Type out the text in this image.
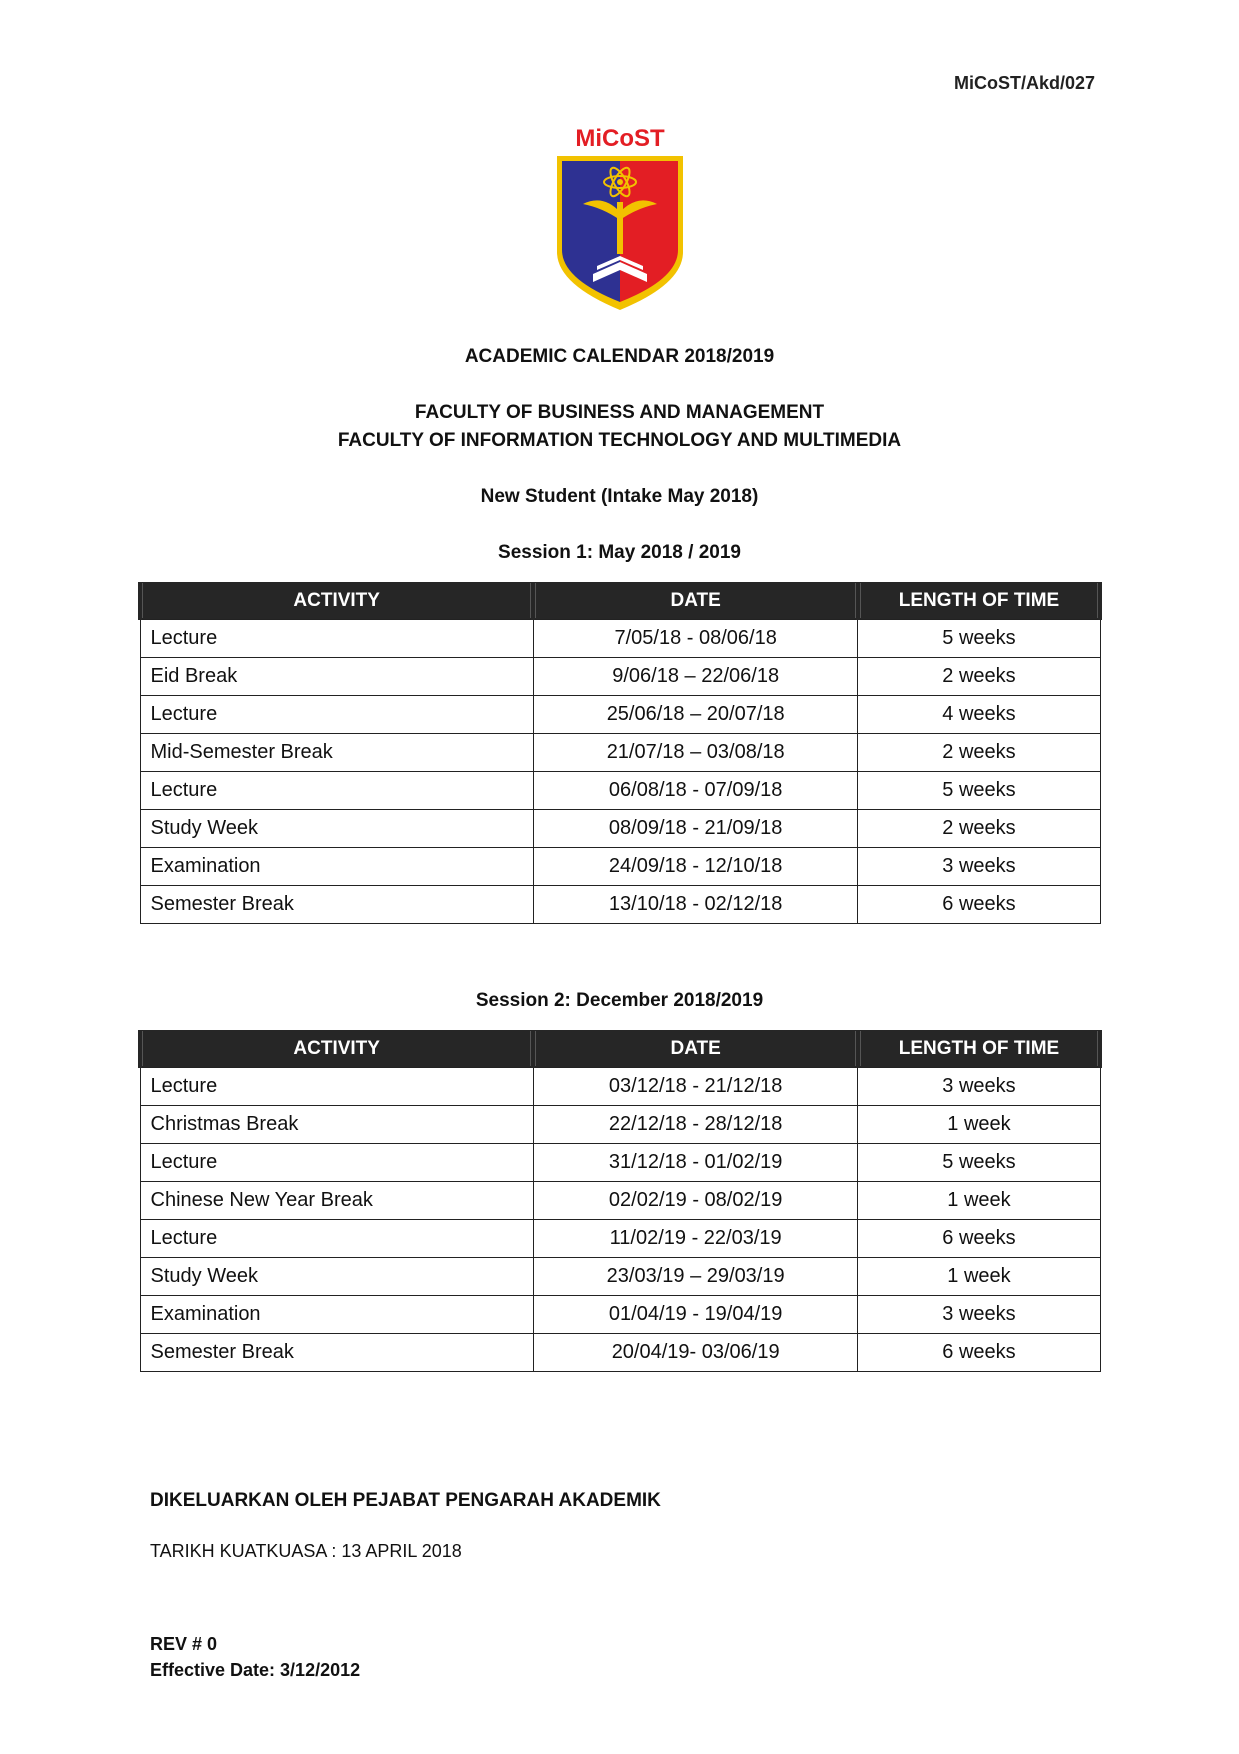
MiCoST/Akd/027
MiCoST
ACADEMIC CALENDAR 2018/2019
FACULTY OF BUSINESS AND MANAGEMENT
FACULTY OF INFORMATION TECHNOLOGY AND MULTIMEDIA
New Student (Intake May 2018)
Session 1: May 2018 / 2019
ACTIVITY	DATE	LENGTH OF TIME

Lecture	7/05/18 - 08/06/18	5 weeks
Eid Break	9/06/18 – 22/06/18	2 weeks
Lecture	25/06/18 – 20/07/18	4 weeks
Mid-Semester Break	21/07/18 – 03/08/18	2 weeks
Lecture	06/08/18 - 07/09/18	5 weeks
Study Week	08/09/18 - 21/09/18	2 weeks
Examination	24/09/18 - 12/10/18	3 weeks
Semester Break	13/10/18 - 02/12/18	6 weeks
Session 2: December 2018/2019
ACTIVITY	DATE	LENGTH OF TIME

Lecture	03/12/18 - 21/12/18	3 weeks
Christmas Break	22/12/18 - 28/12/18	1 week
Lecture	31/12/18 - 01/02/19	5 weeks
Chinese New Year Break	02/02/19 - 08/02/19	1 week
Lecture	11/02/19 - 22/03/19	6 weeks
Study Week	23/03/19 – 29/03/19	1 week
Examination	01/04/19 - 19/04/19	3 weeks
Semester Break	20/04/19- 03/06/19	6 weeks
DIKELUARKAN OLEH PEJABAT PENGARAH AKADEMIK
TARIKH KUATKUASA : 13 APRIL 2018
REV # 0
Effective Date: 3/12/2012
